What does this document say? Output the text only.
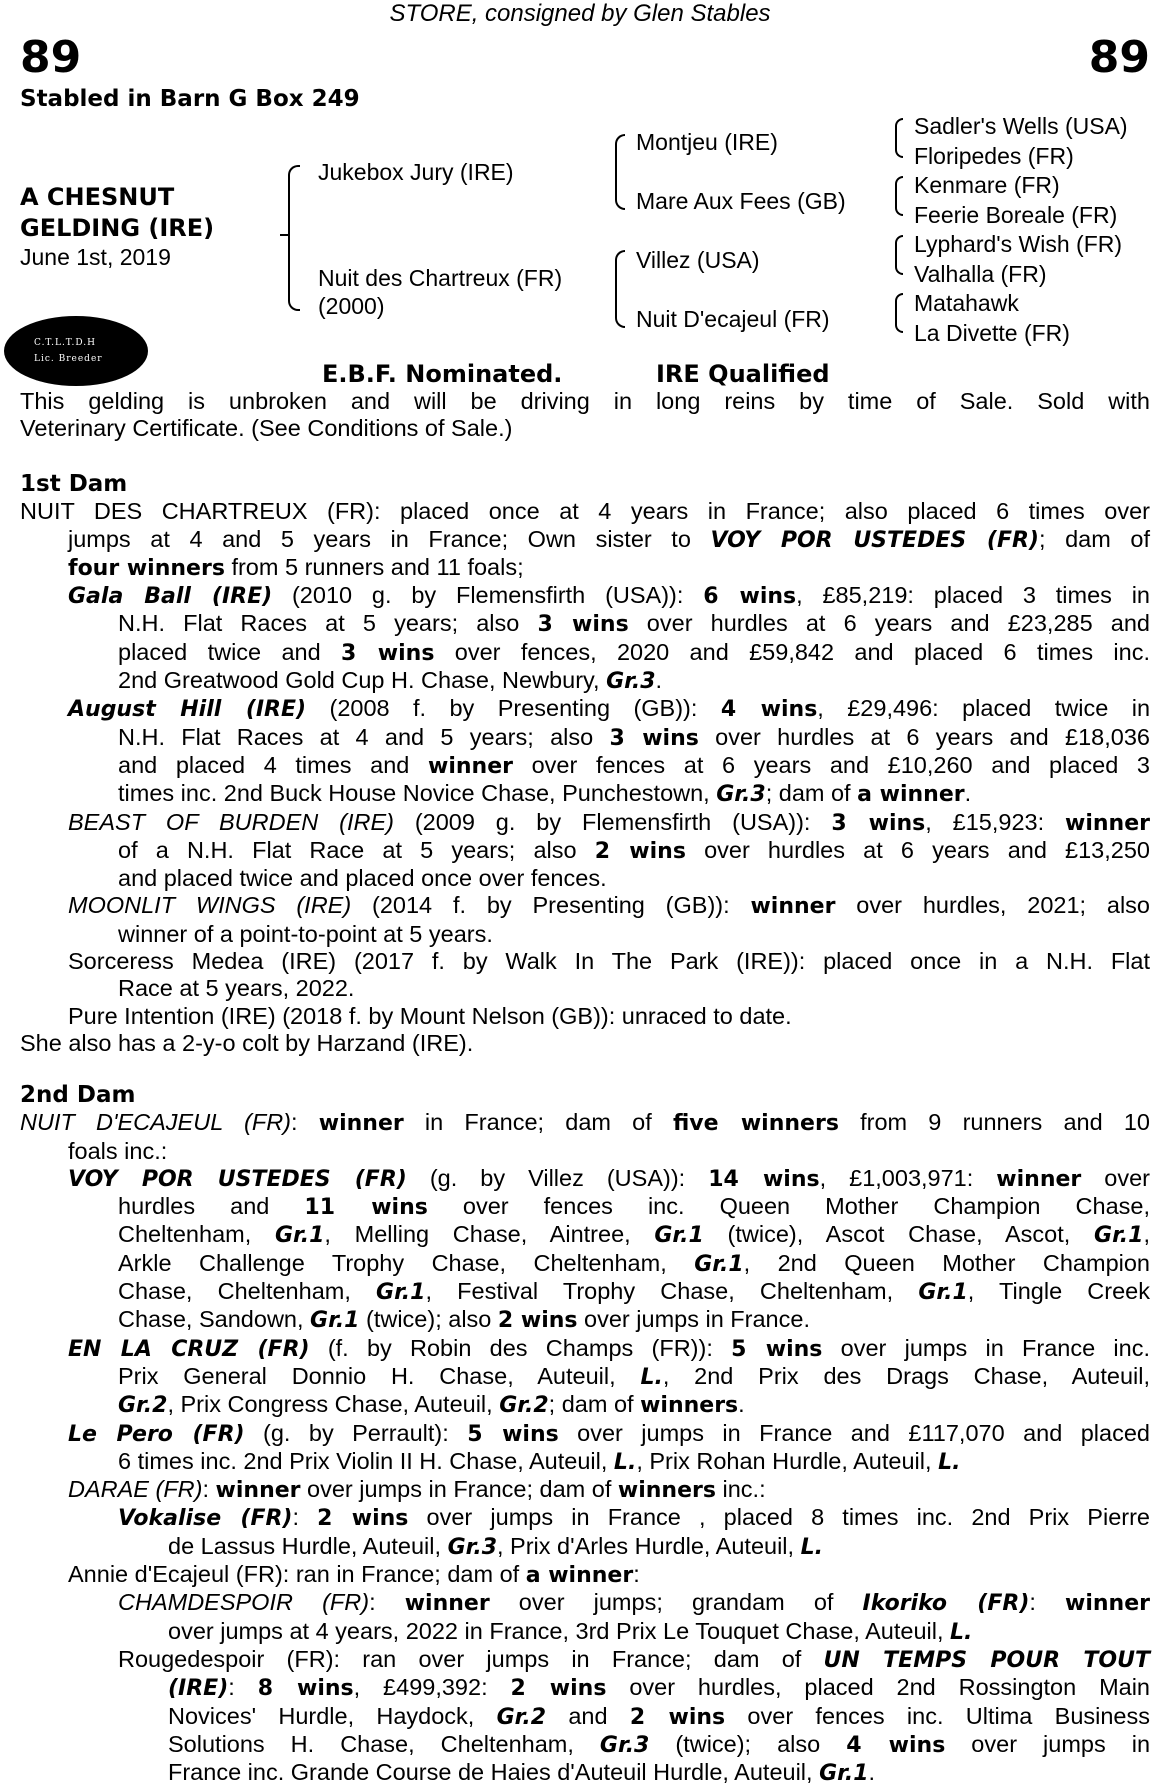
STORE, consigned by Glen Stables
89	89
Stabled in Barn G Box 249
A CHESNUT
GELDING (IRE)
June 1st, 2019
C.T.L.T.D.H
Lic. Breeder
Jukebox Jury (IRE)
Nuit des Chartreux (FR)
(2000)
Montjeu (IRE)
Mare Aux Fees (GB)
Villez (USA)
Nuit D'ecajeul (FR)
Sadler's Wells (USA)
Floripedes (FR)
Kenmare (FR)
Feerie Boreale (FR)
Lyphard's Wish (FR)
Valhalla (FR)
Matahawk
La Divette (FR)
E.B.F. Nominated.	IRE Qualified

This gelding is unbroken and will be driving in long reins by time of Sale. Sold with

Veterinary Certificate. (See Conditions of Sale.)

1st Dam

NUIT DES CHARTREUX (FR): placed once at 4 years in France; also placed 6 times over

jumps at 4 and 5 years in France; Own sister to VOY POR USTEDES (FR); dam of

four winners from 5 runners and 11 foals;

Gala Ball (IRE) (2010 g. by Flemensfirth (USA)): 6 wins, £85,219: placed 3 times in

N.H. Flat Races at 5 years; also 3 wins over hurdles at 6 years and £23,285 and

placed twice and 3 wins over fences, 2020 and £59,842 and placed 6 times inc.

2nd Greatwood Gold Cup H. Chase, Newbury, Gr.3.

August Hill (IRE) (2008 f. by Presenting (GB)): 4 wins, £29,496: placed twice in

N.H. Flat Races at 4 and 5 years; also 3 wins over hurdles at 6 years and £18,036

and placed 4 times and winner over fences at 6 years and £10,260 and placed 3

times inc. 2nd Buck House Novice Chase, Punchestown, Gr.3; dam of a winner.

BEAST OF BURDEN (IRE) (2009 g. by Flemensfirth (USA)): 3 wins, £15,923: winner

of a N.H. Flat Race at 5 years; also 2 wins over hurdles at 6 years and £13,250

and placed twice and placed once over fences.

MOONLIT WINGS (IRE) (2014 f. by Presenting (GB)): winner over hurdles, 2021; also

winner of a point-to-point at 5 years.

Sorceress Medea (IRE) (2017 f. by Walk In The Park (IRE)): placed once in a N.H. Flat

Race at 5 years, 2022.

Pure Intention (IRE) (2018 f. by Mount Nelson (GB)): unraced to date.

She also has a 2-y-o colt by Harzand (IRE).

2nd Dam

NUIT D'ECAJEUL (FR): winner in France; dam of five winners from 9 runners and 10

foals inc.:

VOY POR USTEDES (FR) (g. by Villez (USA)): 14 wins, £1,003,971: winner over

hurdles and 11 wins over fences inc. Queen Mother Champion Chase,

Cheltenham, Gr.1, Melling Chase, Aintree, Gr.1 (twice), Ascot Chase, Ascot, Gr.1,

Arkle Challenge Trophy Chase, Cheltenham, Gr.1, 2nd Queen Mother Champion

Chase, Cheltenham, Gr.1, Festival Trophy Chase, Cheltenham, Gr.1, Tingle Creek

Chase, Sandown, Gr.1 (twice); also 2 wins over jumps in France.

EN LA CRUZ (FR) (f. by Robin des Champs (FR)): 5 wins over jumps in France inc.

Prix General Donnio H. Chase, Auteuil, L., 2nd Prix des Drags Chase, Auteuil,

Gr.2, Prix Congress Chase, Auteuil, Gr.2; dam of winners.

Le Pero (FR) (g. by Perrault): 5 wins over jumps in France and £117,070 and placed

6 times inc. 2nd Prix Violin II H. Chase, Auteuil, L., Prix Rohan Hurdle, Auteuil, L.

DARAE (FR): winner over jumps in France; dam of winners inc.:

Vokalise (FR): 2 wins over jumps in France , placed 8 times inc. 2nd Prix Pierre

de Lassus Hurdle, Auteuil, Gr.3, Prix d'Arles Hurdle, Auteuil, L.

Annie d'Ecajeul (FR): ran in France; dam of a winner:

CHAMDESPOIR (FR): winner over jumps; grandam of Ikoriko (FR): winner

over jumps at 4 years, 2022 in France, 3rd Prix Le Touquet Chase, Auteuil, L.

Rougedespoir (FR): ran over jumps in France; dam of UN TEMPS POUR TOUT

(IRE): 8 wins, £499,392: 2 wins over hurdles, placed 2nd Rossington Main

Novices' Hurdle, Haydock, Gr.2 and 2 wins over fences inc. Ultima Business

Solutions H. Chase, Cheltenham, Gr.3 (twice); also 4 wins over jumps in

France inc. Grande Course de Haies d'Auteuil Hurdle, Auteuil, Gr.1.
